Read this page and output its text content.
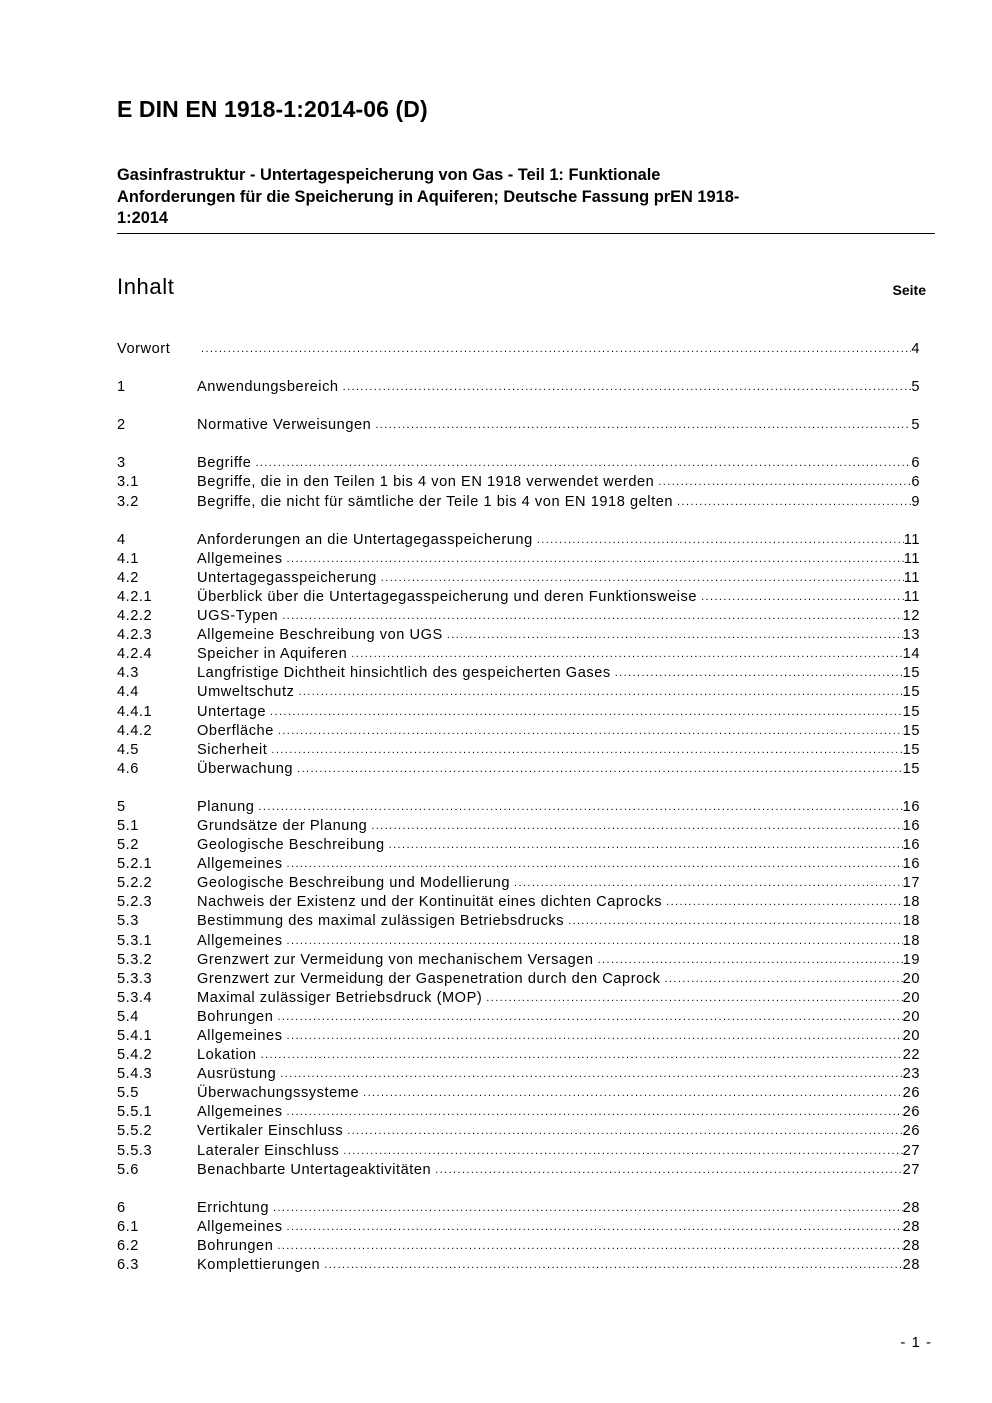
E DIN EN 1918-1:2014-06 (D)
Gasinfrastruktur - Untertagespeicherung von Gas - Teil 1: Funktionale
Anforderungen für die Speicherung in Aquiferen; Deutsche Fassung prEN 1918-
1:2014
Inhalt	Seite
Vorwort .....	4
1	Anwendungsbereich .....	5
2	Normative Verweisungen .....	5
3	Begriffe .....	6
3.1	Begriffe, die in den Teilen 1 bis 4 von EN 1918 verwendet werden .....	6
3.2	Begriffe, die nicht für sämtliche der Teile 1 bis 4 von EN 1918 gelten .....	9
4	Anforderungen an die Untertagegasspeicherung .....	11
4.1	Allgemeines .....	11
4.2	Untertagegasspeicherung .....	11
4.2.1	Überblick über die Untertagegasspeicherung und deren Funktionsweise .....	11
4.2.2	UGS-Typen .....	12
4.2.3	Allgemeine Beschreibung von UGS .....	13
4.2.4	Speicher in Aquiferen .....	14
4.3	Langfristige Dichtheit hinsichtlich des gespeicherten Gases .....	15
4.4	Umweltschutz .....	15
4.4.1	Untertage .....	15
4.4.2	Oberfläche .....	15
4.5	Sicherheit .....	15
4.6	Überwachung .....	15
5	Planung .....	16
5.1	Grundsätze der Planung .....	16
5.2	Geologische Beschreibung .....	16
5.2.1	Allgemeines .....	16
5.2.2	Geologische Beschreibung und Modellierung .....	17
5.2.3	Nachweis der Existenz und der Kontinuität eines dichten Caprocks .....	18
5.3	Bestimmung des maximal zulässigen Betriebsdrucks .....	18
5.3.1	Allgemeines .....	18
5.3.2	Grenzwert zur Vermeidung von mechanischem Versagen .....	19
5.3.3	Grenzwert zur Vermeidung der Gaspenetration durch den Caprock .....	20
5.3.4	Maximal zulässiger Betriebsdruck (MOP) .....	20
5.4	Bohrungen .....	20
5.4.1	Allgemeines .....	20
5.4.2	Lokation .....	22
5.4.3	Ausrüstung .....	23
5.5	Überwachungssysteme .....	26
5.5.1	Allgemeines .....	26
5.5.2	Vertikaler Einschluss .....	26
5.5.3	Lateraler Einschluss .....	27
5.6	Benachbarte Untertageaktivitäten .....	27
6	Errichtung .....	28
6.1	Allgemeines .....	28
6.2	Bohrungen .....	28
6.3	Komplettierungen .....	28
- 1 -
